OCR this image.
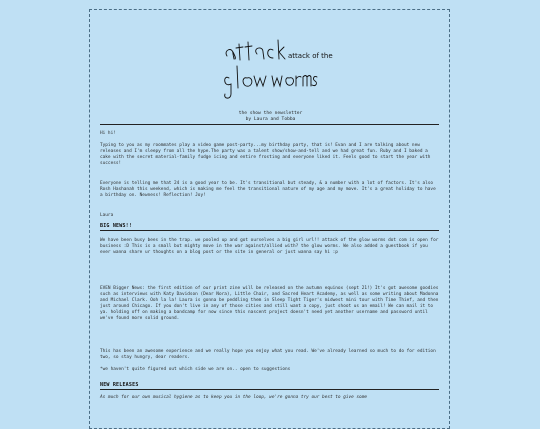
attack of the
glow worms
the show the newsletter
by Laura and Tobba
Hi hi!
Typing to you as my roommates play a video game post-party...my birthday party, that is! Evan and I are talking about new releases and I'm sleepy from all the hype.The party was a talent show/show-and-tell and we had great fun. Ruby and I baked a cake with the secret material-family fudge icing and entire frosting and everyone liked it. Feels good to start the year with success!
Everyone is telling me that 24 is a good year to be. It's transitional but steady, & a number with a lot of factors. It's also Rosh Hashanah this weekend, which is making me feel the transitional nature of my age and my move. It's a great holiday to have a birthday on. Newness! Reflection! Joy!
Laura
BIG NEWS!!
We have been busy bees in the trap. we pooled up and got ourselves a big girl url!! attack of the glow worms dot com is open for business :D This is a small but mighty move in the war against/allied with? the glow worms. We also added a guestbook if you ever wanna share ur thoughts on a blog post or the site in general or just wanna say hi :p
EVEN Bigger News: the first edition of our print zine will be released on the autumn equinox (sept 21!) It's got awesome goodies such as interviews with Katy Davidson (Dear Nora), Little Chair, and Sacred Heart Academy, as well as some writing about Madonna and Michael Clark. Ooh la la! Laura is gonna be peddling them in Sleep Tight Tiger's midwest mini tour with Time Thief, and then just around Chicago. If you don't live in any of those cities and still want a copy, just shoot us an email! We can mail it to ya. holding off on making a bandcamp for now since this nascent project doesn't need yet another username and password until we've found more solid ground.
This has been an awesome experience and we really hope you enjoy what you read. We've already learned so much to do for edition two, so stay hungry, dear readers.
*we haven't quite figured out which side we are on.. open to suggestions
NEW RELEASES
As much for our own musical hygiene as to keep you in the loop, we're gonna try our best to give some
